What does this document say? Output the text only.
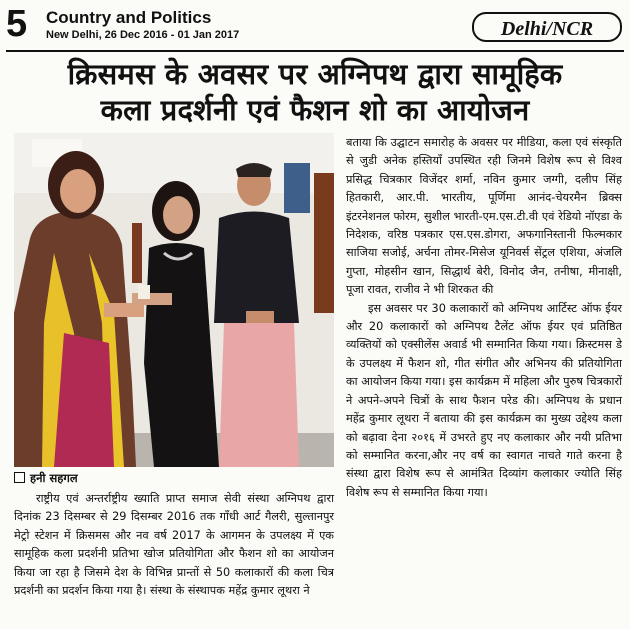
5 Country and Politics
New Delhi, 26 Dec 2016 - 01 Jan 2017	Delhi/NCR
क्रिसमस के अवसर पर अग्निपथ द्वारा सामूहिक
कला प्रदर्शनी एवं फैशन शो का आयोजन
हनी सहगल

राष्ट्रीय एवं अन्तर्राष्ट्रीय ख्याति प्राप्त समाज सेवी संस्था अग्निपथ द्वारा दिनांक 23 दिसम्बर से 29 दिसम्बर 2016 तक गाँधी आर्ट गैलरी, सुल्तानपुर मेट्रो स्टेशन में क्रिसमस और नव वर्ष 2017 के आगमन के उपलक्ष्य में एक सामूहिक कला प्रदर्शनी प्रतिभा खोज प्रतियोगिता और फैशन शो का आयोजन किया जा रहा है जिसमे देश के विभिन्न प्रान्तों से 50 कलाकारों की कला चित्र प्रदर्शनी का प्रदर्शन किया गया है। संस्था के संस्थापक महेंद्र कुमार लूथरा ने

बताया कि उद्घाटन समारोह के अवसर पर मीडिया, कला एवं संस्कृति से जुडी अनेक हस्तियाँ उपस्थित रही जिनमे विशेष रूप से विश्व प्रसिद्ध चित्रकार विजेंदर शर्मा, नविन कुमार जग्गी, दलीप सिंह हितकारी, आर.पी. भारतीय, पूर्णिमा आनंद-चेयरमैन ब्रिक्स इंटरनेशनल फोरम, सुशील भारती-एम.एस.टी.वी एवं रेडियो नॉएडा के निदेशक, वरिष्ठ पत्रकार एस.एस.डोगरा, अफगानिस्तानी फिल्मकार साजिया सजोई, अर्चना तोमर-मिसेज यूनिवर्स सेंट्रल एशिया, अंजलि गुप्ता, मोहसीन खान, सिद्धार्थ बेरी, विनोद जैन, तनीषा, मीनाक्षी, पूजा रावत, राजीव ने भी शिरकत की

इस अवसर पर 30 कलाकारों को अग्निपथ आर्टिस्ट ऑफ ईयर और 20 कलाकारों को अग्निपथ टैलेंट ऑफ ईयर एवं प्रतिष्ठित व्यक्तियों को एक्सीलेंस अवार्ड भी सम्मानित किया गया। क्रिस्टमस डे के उपलक्ष्य में फैशन शो, गीत संगीत और अभिनय की प्रतियोगिता का आयोजन किया गया। इस कार्यक्रम में महिला और पुरुष चित्रकारों ने अपने-अपने चित्रों के साथ फैशन परेड की। अग्निपथ के प्रधान महेंद्र कुमार लूथरा नें बताया की इस कार्यक्रम का मुख्य उद्देश्य कला को बढ़ावा देना २०१६ में उभरते हुए नए कलाकार और नयी प्रतिभा को सम्मानित करना,और नए वर्ष का स्वागत नाचते गाते करना है संस्था द्वारा विशेष रूप से आमंत्रित दिव्यांग कलाकार ज्योति सिंह विशेष रूप से सम्मानित किया गया।
